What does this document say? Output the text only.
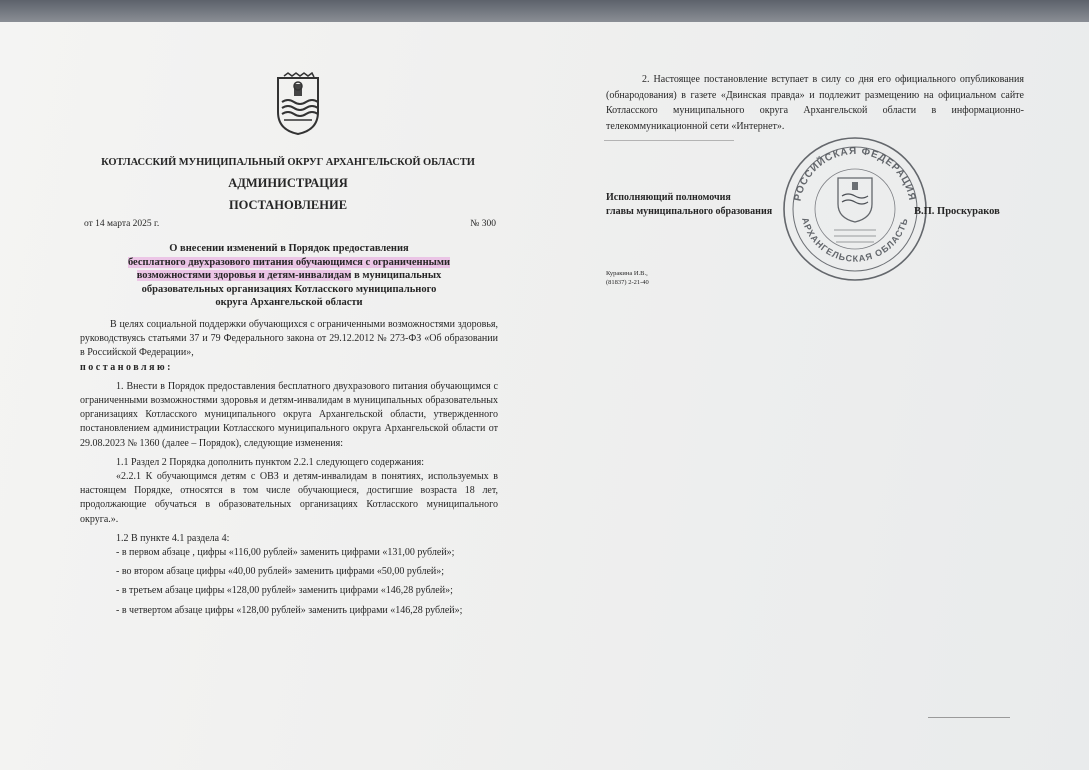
КОТЛАССКИЙ МУНИЦИПАЛЬНЫЙ ОКРУГ АРХАНГЕЛЬСКОЙ ОБЛАСТИ
АДМИНИСТРАЦИЯ
ПОСТАНОВЛЕНИЕ
от 14 марта 2025 г.	№ 300
О внесении изменений в Порядок предоставления
бесплатного двухразового питания обучающимся с ограниченными
возможностями здоровья и детям-инвалидам в муниципальных
образовательных организациях Котласского муниципального
округа Архангельской области

В целях социальной поддержки обучающихся с ограниченными возможностями здоровья, руководствуясь статьями 37 и 79 Федерального закона от 29.12.2012 № 273-ФЗ «Об образовании в Российской Федерации»,

постановляю:

1. Внести в Порядок предоставления бесплатного двухразового питания обучающимся с ограниченными возможностями здоровья и детям-инвалидам в муниципальных образовательных организациях Котласского муниципального округа Архангельской области, утвержденного постановлением администрации Котласского муниципального округа Архангельской области от 29.08.2023 № 1360 (далее – Порядок), следующие изменения:

1.1 Раздел 2 Порядка дополнить пунктом 2.2.1 следующего содержания:

«2.2.1 К обучающимся детям с ОВЗ и детям-инвалидам в понятиях, используемых в настоящем Порядке, относятся в том числе обучающиеся, достигшие возраста 18 лет, продолжающие обучаться в образовательных организациях Котласского муниципального округа.».

1.2 В пункте 4.1 раздела 4:

- в первом абзаце , цифры «116,00 рублей» заменить цифрами «131,00 рублей»;

- во втором абзаце цифры «40,00 рублей» заменить цифрами «50,00 рублей»;

- в третьем абзаце цифры «128,00 рублей» заменить цифрами «146,28 рублей»;

- в четвертом абзаце цифры «128,00 рублей» заменить цифрами «146,28 рублей»;

2. Настоящее постановление вступает в силу со дня его официального опубликования (обнародования) в газете «Двинская правда» и подлежит размещению на официальном сайте Котласского муниципального округа Архангельской области в информационно-телекоммуникационной сети «Интернет».

РОССИЙСКАЯ ФЕДЕРАЦИЯ
АРХАНГЕЛЬСКАЯ ОБЛАСТЬ
Исполняющий полномочия
главы муниципального образования	В.П. Проскураков
Куракина И.В.,
(81837) 2-21-40
